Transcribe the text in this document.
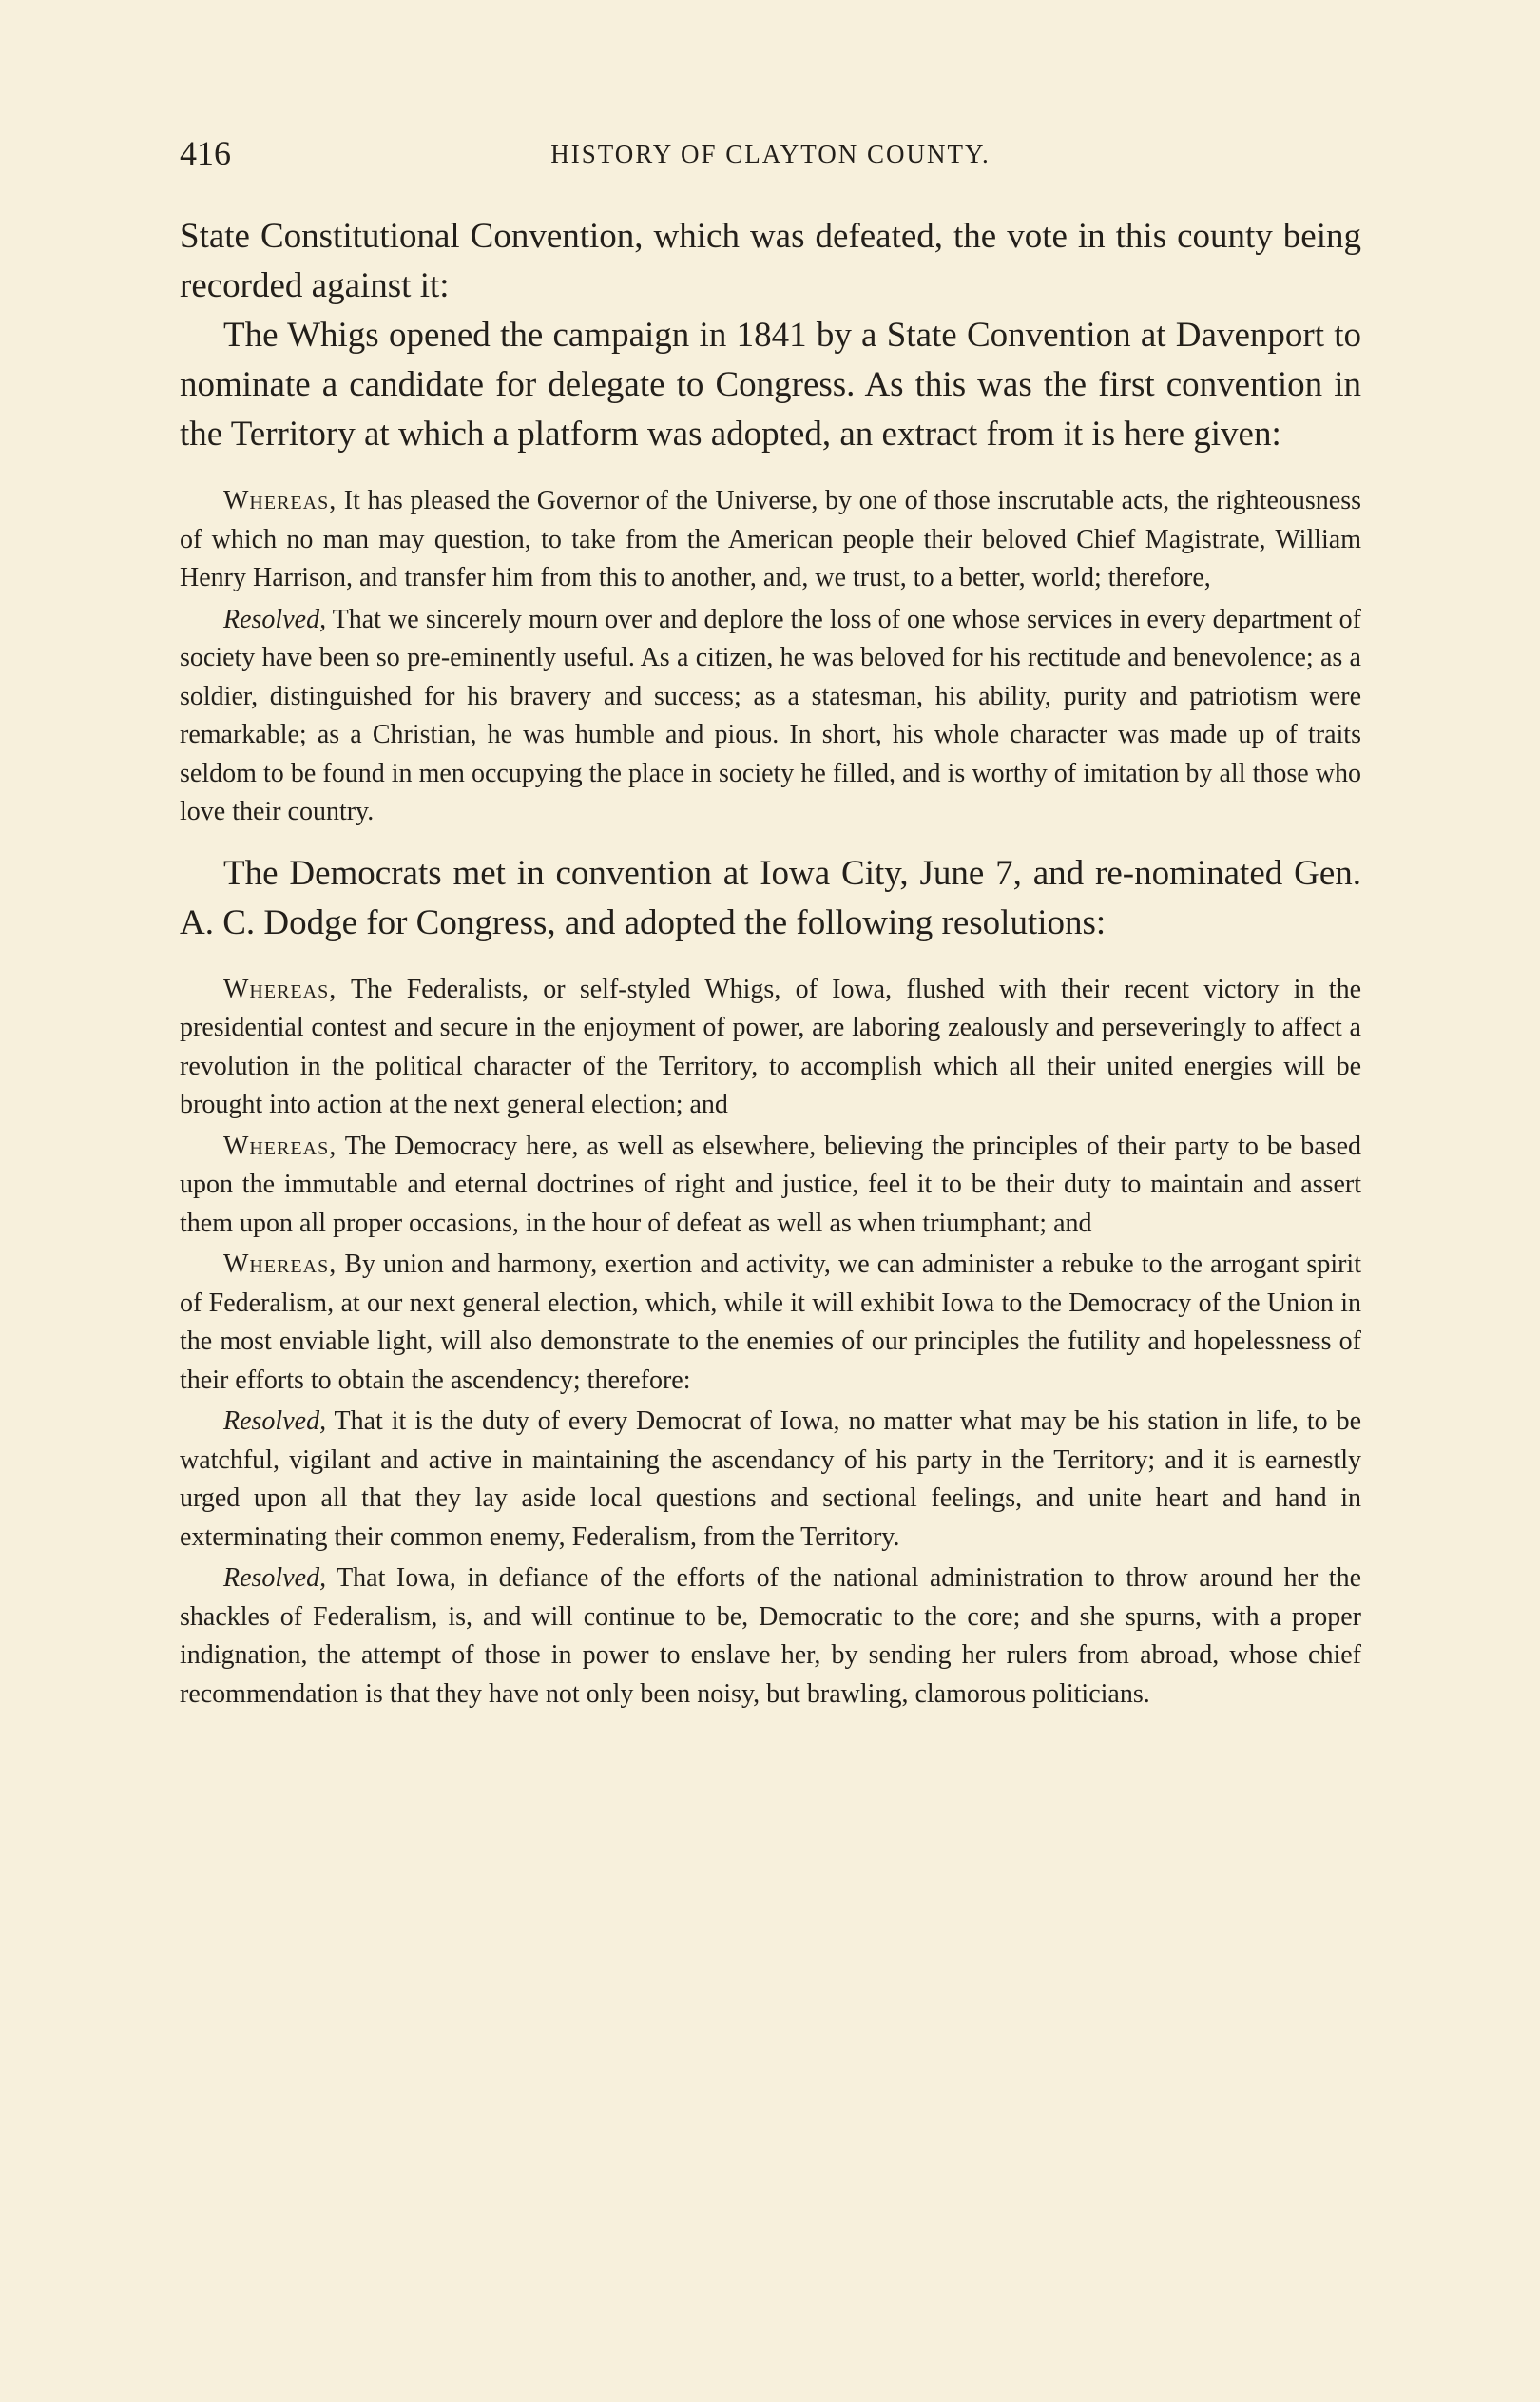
416	HISTORY OF CLAYTON COUNTY.

State Constitutional Convention, which was defeated, the vote in this county being recorded against it:

The Whigs opened the campaign in 1841 by a State Convention at Davenport to nominate a candidate for delegate to Congress. As this was the first convention in the Territory at which a platform was adopted, an extract from it is here given:

Whereas, It has pleased the Governor of the Universe, by one of those inscrutable acts, the righteousness of which no man may question, to take from the American people their beloved Chief Magistrate, William Henry Harrison, and transfer him from this to another, and, we trust, to a better, world; therefore,

Resolved, That we sincerely mourn over and deplore the loss of one whose services in every department of society have been so pre-eminently useful. As a citizen, he was beloved for his rectitude and benevolence; as a soldier, distinguished for his bravery and success; as a statesman, his ability, purity and patriotism were remarkable; as a Christian, he was humble and pious. In short, his whole character was made up of traits seldom to be found in men occupying the place in society he filled, and is worthy of imitation by all those who love their country.

The Democrats met in convention at Iowa City, June 7, and re-nominated Gen. A. C. Dodge for Congress, and adopted the following resolutions:

Whereas, The Federalists, or self-styled Whigs, of Iowa, flushed with their recent victory in the presidential contest and secure in the enjoyment of power, are laboring zealously and perseveringly to affect a revolution in the political character of the Territory, to accomplish which all their united energies will be brought into action at the next general election; and

Whereas, The Democracy here, as well as elsewhere, believing the principles of their party to be based upon the immutable and eternal doctrines of right and justice, feel it to be their duty to maintain and assert them upon all proper occasions, in the hour of defeat as well as when triumphant; and

Whereas, By union and harmony, exertion and activity, we can administer a rebuke to the arrogant spirit of Federalism, at our next general election, which, while it will exhibit Iowa to the Democracy of the Union in the most enviable light, will also demonstrate to the enemies of our principles the futility and hopelessness of their efforts to obtain the ascendency; therefore:

Resolved, That it is the duty of every Democrat of Iowa, no matter what may be his station in life, to be watchful, vigilant and active in maintaining the ascendancy of his party in the Territory; and it is earnestly urged upon all that they lay aside local questions and sectional feelings, and unite heart and hand in exterminating their common enemy, Federalism, from the Territory.

Resolved, That Iowa, in defiance of the efforts of the national administration to throw around her the shackles of Federalism, is, and will continue to be, Democratic to the core; and she spurns, with a proper indignation, the attempt of those in power to enslave her, by sending her rulers from abroad, whose chief recommendation is that they have not only been noisy, but brawling, clamorous politicians.
